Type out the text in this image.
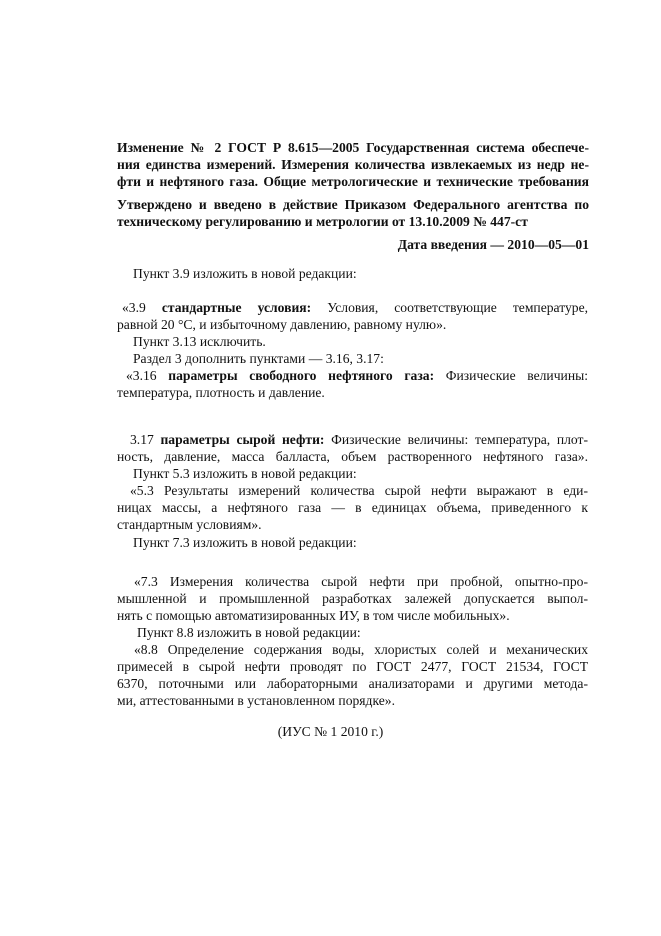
Изменение № 2 ГОСТ Р 8.615—2005 Государственная система обеспече-
ния единства измерений. Измерения количества извлекаемых из недр не-
фти и нефтяного газа. Общие метрологические и технические требования
Утверждено и введено в действие Приказом Федерального агентства по
техническому регулированию и метрологии от 13.10.2009 № 447-ст
Дата введения — 2010—05—01
Пункт 3.9 изложить в новой редакции:
«3.9 стандартные условия: Условия, соответствующие температуре,
равной 20 °С, и избыточному давлению, равному нулю».
Пункт 3.13 исключить.
Раздел 3 дополнить пунктами — 3.16, 3.17:
«3.16 параметры свободного нефтяного газа: Физические величины:
температура, плотность и давление.
3.17 параметры сырой нефти: Физические величины: температура, плот-
ность, давление, масса балласта, объем растворенного нефтяного газа».
Пункт 5.3 изложить в новой редакции:
«5.3 Результаты измерений количества сырой нефти выражают в еди-
ницах массы, а нефтяного газа — в единицах объема, приведенного к
стандартным условиям».
Пункт 7.3 изложить в новой редакции:
«7.3 Измерения количества сырой нефти при пробной, опытно-про-
мышленной и промышленной разработках залежей допускается выпол-
нять с помощью автоматизированных ИУ, в том числе мобильных».
Пункт 8.8 изложить в новой редакции:
«8.8 Определение содержания воды, хлористых солей и механических
примесей в сырой нефти проводят по ГОСТ 2477, ГОСТ 21534, ГОСТ
6370, поточными или лабораторными анализаторами и другими метода-
ми, аттестованными в установленном порядке».
(ИУС № 1 2010 г.)
